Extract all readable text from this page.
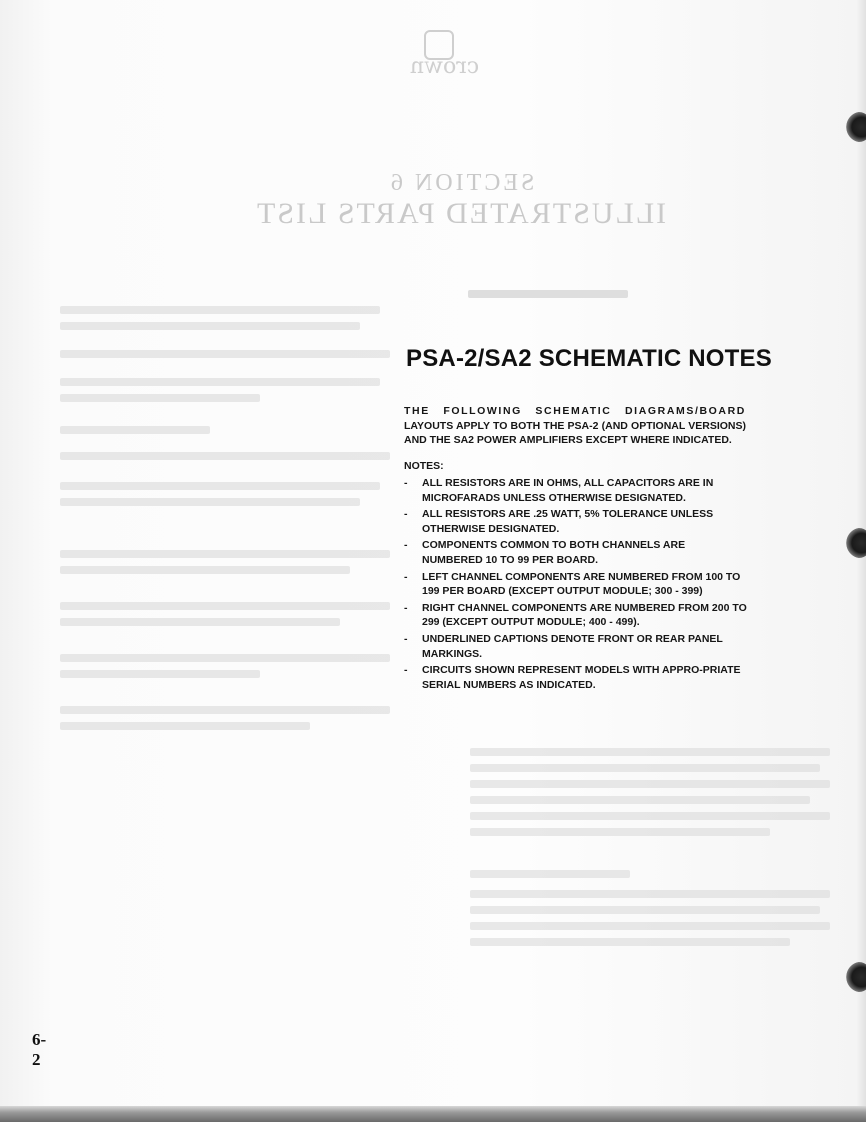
crown
SECTION 6
ILLUSTRATED PARTS LIST
PSA-2/SA2 SCHEMATIC NOTES
THE FOLLOWING SCHEMATIC DIAGRAMS/BOARD LAYOUTS APPLY TO BOTH THE PSA-2 (AND OPTIONAL VERSIONS) AND THE SA2 POWER AMPLIFIERS EXCEPT WHERE INDICATED.
NOTES:
- ALL RESISTORS ARE IN OHMS, ALL CAPACITORS ARE IN MICROFARADS UNLESS OTHERWISE DESIGNATED.
- ALL RESISTORS ARE .25 WATT, 5% TOLERANCE UNLESS OTHERWISE DESIGNATED.
- COMPONENTS COMMON TO BOTH CHANNELS ARE NUMBERED 10 TO 99 PER BOARD.
- LEFT CHANNEL COMPONENTS ARE NUMBERED FROM 100 TO 199 PER BOARD (EXCEPT OUTPUT MODULE; 300 - 399)
- RIGHT CHANNEL COMPONENTS ARE NUMBERED FROM 200 TO 299 (EXCEPT OUTPUT MODULE; 400 - 499).
- UNDERLINED CAPTIONS DENOTE FRONT OR REAR PANEL MARKINGS.
- CIRCUITS SHOWN REPRESENT MODELS WITH APPRO-PRIATE SERIAL NUMBERS AS INDICATED.
6-2
